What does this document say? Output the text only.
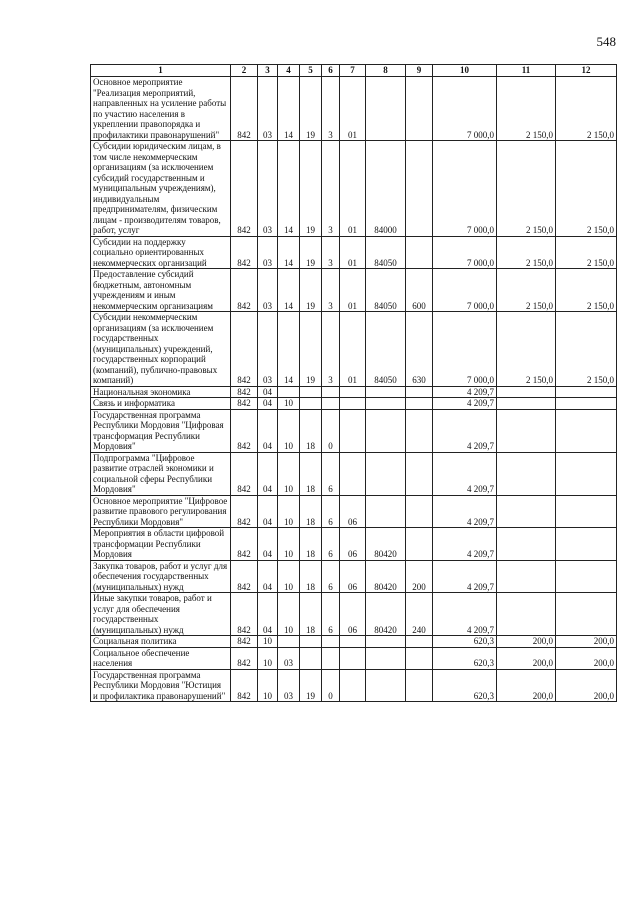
548
1	2	3	4	5	6	7	8	9	10	11	12
Основное мероприятие "Реализация мероприятий, направленных на усиление работы по участию населения в укреплении правопорядка и профилактики правонарушений"	842	03	14	19	3	01			7 000,0	2 150,0	2 150,0
Субсидии юридическим лицам, в том числе некоммерческим организациям (за исключением субсидий государственным и муниципальным учреждениям), индивидуальным предпринимателям, физическим лицам - производителям товаров, работ, услуг	842	03	14	19	3	01	84000		7 000,0	2 150,0	2 150,0
Субсидии на поддержку социально ориентированных некоммерческих организаций	842	03	14	19	3	01	84050		7 000,0	2 150,0	2 150,0
Предоставление субсидий бюджетным, автономным учреждениям и иным некоммерческим организациям	842	03	14	19	3	01	84050	600	7 000,0	2 150,0	2 150,0
Субсидии некоммерческим организациям (за исключением государственных (муниципальных) учреждений, государственных корпораций (компаний), публично-правовых компаний)	842	03	14	19	3	01	84050	630	7 000,0	2 150,0	2 150,0
Национальная экономика	842	04							4 209,7		
Связь и информатика	842	04	10						4 209,7		
Государственная программа Республики Мордовия "Цифровая трансформация Республики Мордовия"	842	04	10	18	0				4 209,7		
Подпрограмма "Цифровое развитие отраслей экономики и социальной сферы Республики Мордовия"	842	04	10	18	6				4 209,7		
Основное мероприятие "Цифровое развитие правового регулирования Республики Мордовия"	842	04	10	18	6	06			4 209,7		
Мероприятия в области цифровой трансформации Республики Мордовия	842	04	10	18	6	06	80420		4 209,7		
Закупка товаров, работ и услуг для обеспечения государственных (муниципальных) нужд	842	04	10	18	6	06	80420	200	4 209,7		
Иные закупки товаров, работ и услуг для обеспечения государственных (муниципальных) нужд	842	04	10	18	6	06	80420	240	4 209,7		
Социальная политика	842	10							620,3	200,0	200,0
Социальное обеспечение населения	842	10	03						620,3	200,0	200,0
Государственная программа Республики Мордовия "Юстиция и профилактика правонарушений"	842	10	03	19	0				620,3	200,0	200,0
